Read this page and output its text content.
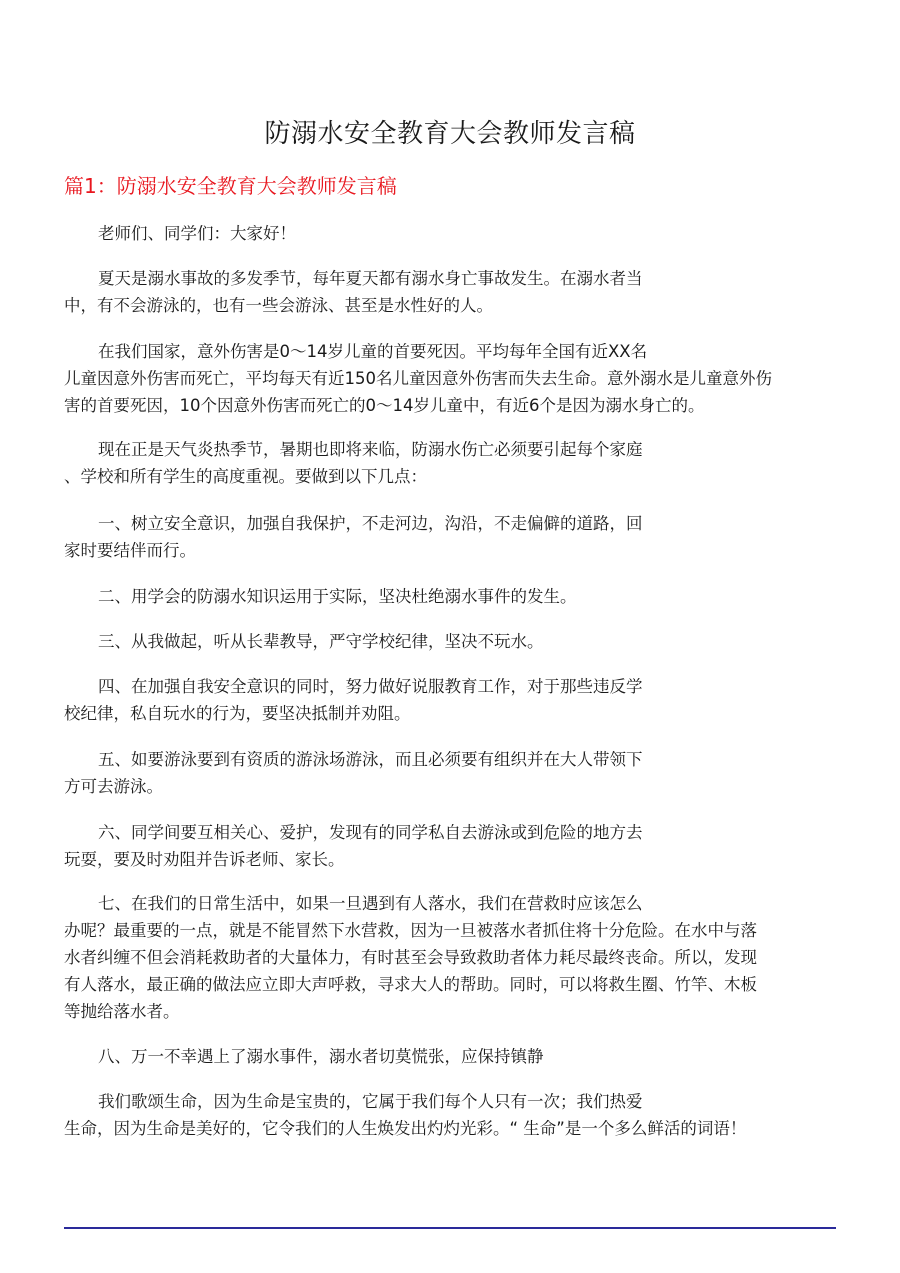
防溺水安全教育大会教师发言稿
篇1：防溺水安全教育大会教师发言稿
老师们、同学们：大家好！
夏天是溺水事故的多发季节，每年夏天都有溺水身亡事故发生。在溺水者当
中，有不会游泳的，也有一些会游泳、甚至是水性好的人。
在我们国家，意外伤害是0～14岁儿童的首要死因。平均每年全国有近XX名
儿童因意外伤害而死亡，平均每天有近150名儿童因意外伤害而失去生命。意外溺水是儿童意外伤
害的首要死因，10个因意外伤害而死亡的0～14岁儿童中，有近6个是因为溺水身亡的。
现在正是天气炎热季节，暑期也即将来临，防溺水伤亡必须要引起每个家庭
、学校和所有学生的高度重视。要做到以下几点：
一、树立安全意识，加强自我保护，不走河边，沟沿，不走偏僻的道路，回
家时要结伴而行。
二、用学会的防溺水知识运用于实际，坚决杜绝溺水事件的发生。
三、从我做起，听从长辈教导，严守学校纪律，坚决不玩水。
四、在加强自我安全意识的同时，努力做好说服教育工作，对于那些违反学
校纪律，私自玩水的行为，要坚决抵制并劝阻。
五、如要游泳要到有资质的游泳场游泳，而且必须要有组织并在大人带领下
方可去游泳。
六、同学间要互相关心、爱护，发现有的同学私自去游泳或到危险的地方去
玩耍，要及时劝阻并告诉老师、家长。
七、在我们的日常生活中，如果一旦遇到有人落水，我们在营救时应该怎么
办呢？最重要的一点，就是不能冒然下水营救，因为一旦被落水者抓住将十分危险。在水中与落
水者纠缠不但会消耗救助者的大量体力，有时甚至会导致救助者体力耗尽最终丧命。所以，发现
有人落水，最正确的做法应立即大声呼救，寻求大人的帮助。同时，可以将救生圈、竹竿、木板
等抛给落水者。
八、万一不幸遇上了溺水事件，溺水者切莫慌张，应保持镇静
我们歌颂生命，因为生命是宝贵的，它属于我们每个人只有一次；我们热爱
生命，因为生命是美好的，它令我们的人生焕发出灼灼光彩。“ 生命”是一个多么鲜活的词语！
